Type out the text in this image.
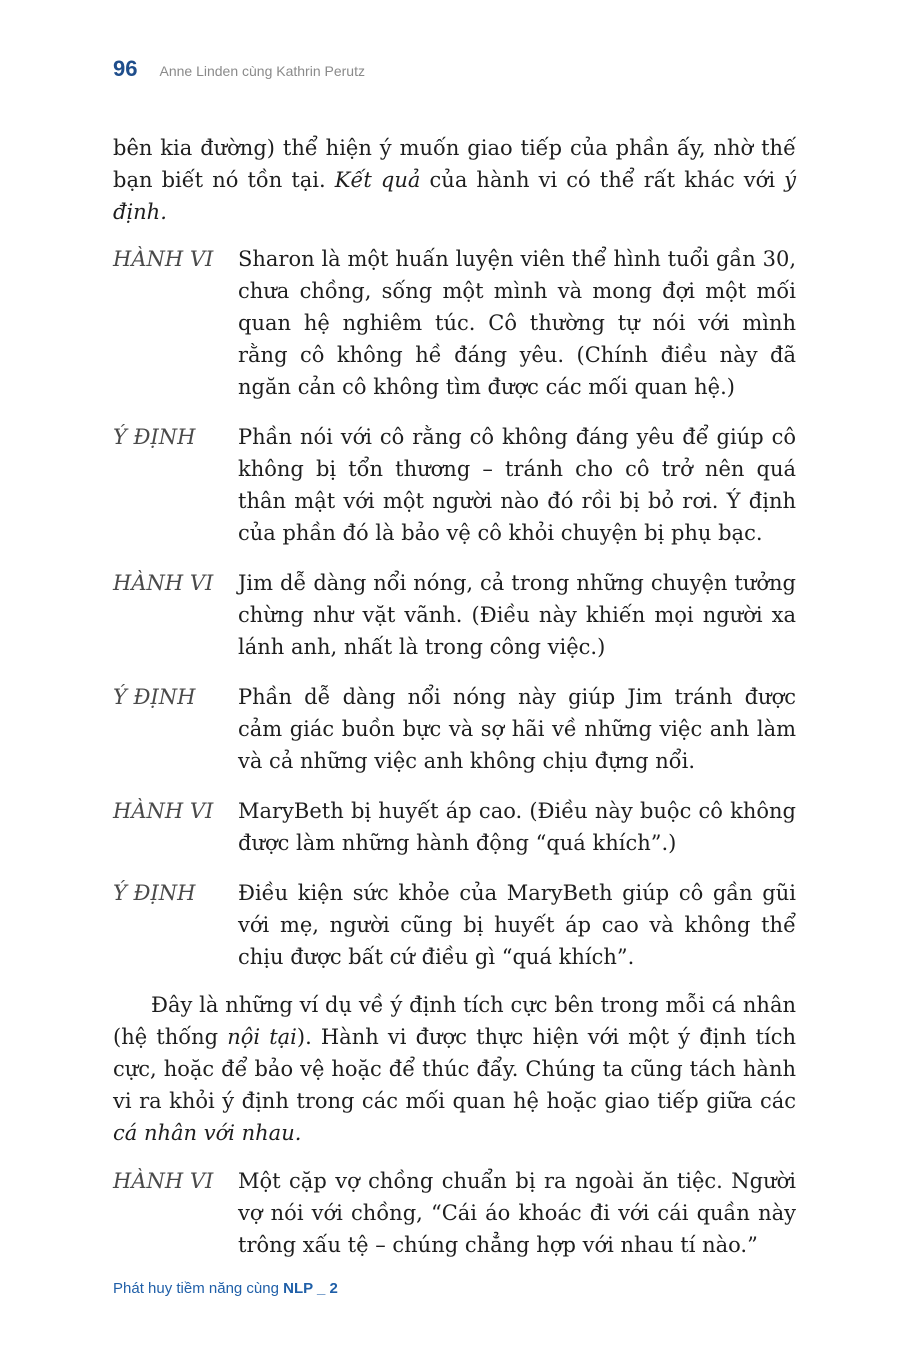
96 Anne Linden cùng Kathrin Perutz

bên kia đường) thể hiện ý muốn giao tiếp của phần ấy, nhờ thế bạn biết nó tồn tại. Kết quả của hành vi có thể rất khác với ý định.

HÀNH VI	Sharon là một huấn luyện viên thể hình tuổi gần 30, chưa chồng, sống một mình và mong đợi một mối quan hệ nghiêm túc. Cô thường tự nói với mình rằng cô không hề đáng yêu. (Chính điều này đã ngăn cản cô không tìm được các mối quan hệ.)
Ý ĐỊNH	Phần nói với cô rằng cô không đáng yêu để giúp cô không bị tổn thương – tránh cho cô trở nên quá thân mật với một người nào đó rồi bị bỏ rơi. Ý định của phần đó là bảo vệ cô khỏi chuyện bị phụ bạc.
HÀNH VI	Jim dễ dàng nổi nóng, cả trong những chuyện tưởng chừng như vặt vãnh. (Điều này khiến mọi người xa lánh anh, nhất là trong công việc.)
Ý ĐỊNH	Phần dễ dàng nổi nóng này giúp Jim tránh được cảm giác buồn bực và sợ hãi về những việc anh làm và cả những việc anh không chịu đựng nổi.
HÀNH VI	MaryBeth bị huyết áp cao. (Điều này buộc cô không được làm những hành động “quá khích”.)
Ý ĐỊNH	Điều kiện sức khỏe của MaryBeth giúp cô gần gũi với mẹ, người cũng bị huyết áp cao và không thể chịu được bất cứ điều gì “quá khích”.

Đây là những ví dụ về ý định tích cực bên trong mỗi cá nhân (hệ thống nội tại). Hành vi được thực hiện với một ý định tích cực, hoặc để bảo vệ hoặc để thúc đẩy. Chúng ta cũng tách hành vi ra khỏi ý định trong các mối quan hệ hoặc giao tiếp giữa các cá nhân với nhau.

HÀNH VI	Một cặp vợ chồng chuẩn bị ra ngoài ăn tiệc. Người vợ nói với chồng, “Cái áo khoác đi với cái quần này trông xấu tệ – chúng chẳng hợp với nhau tí nào.”
Phát huy tiềm năng cùng NLP _ 2
